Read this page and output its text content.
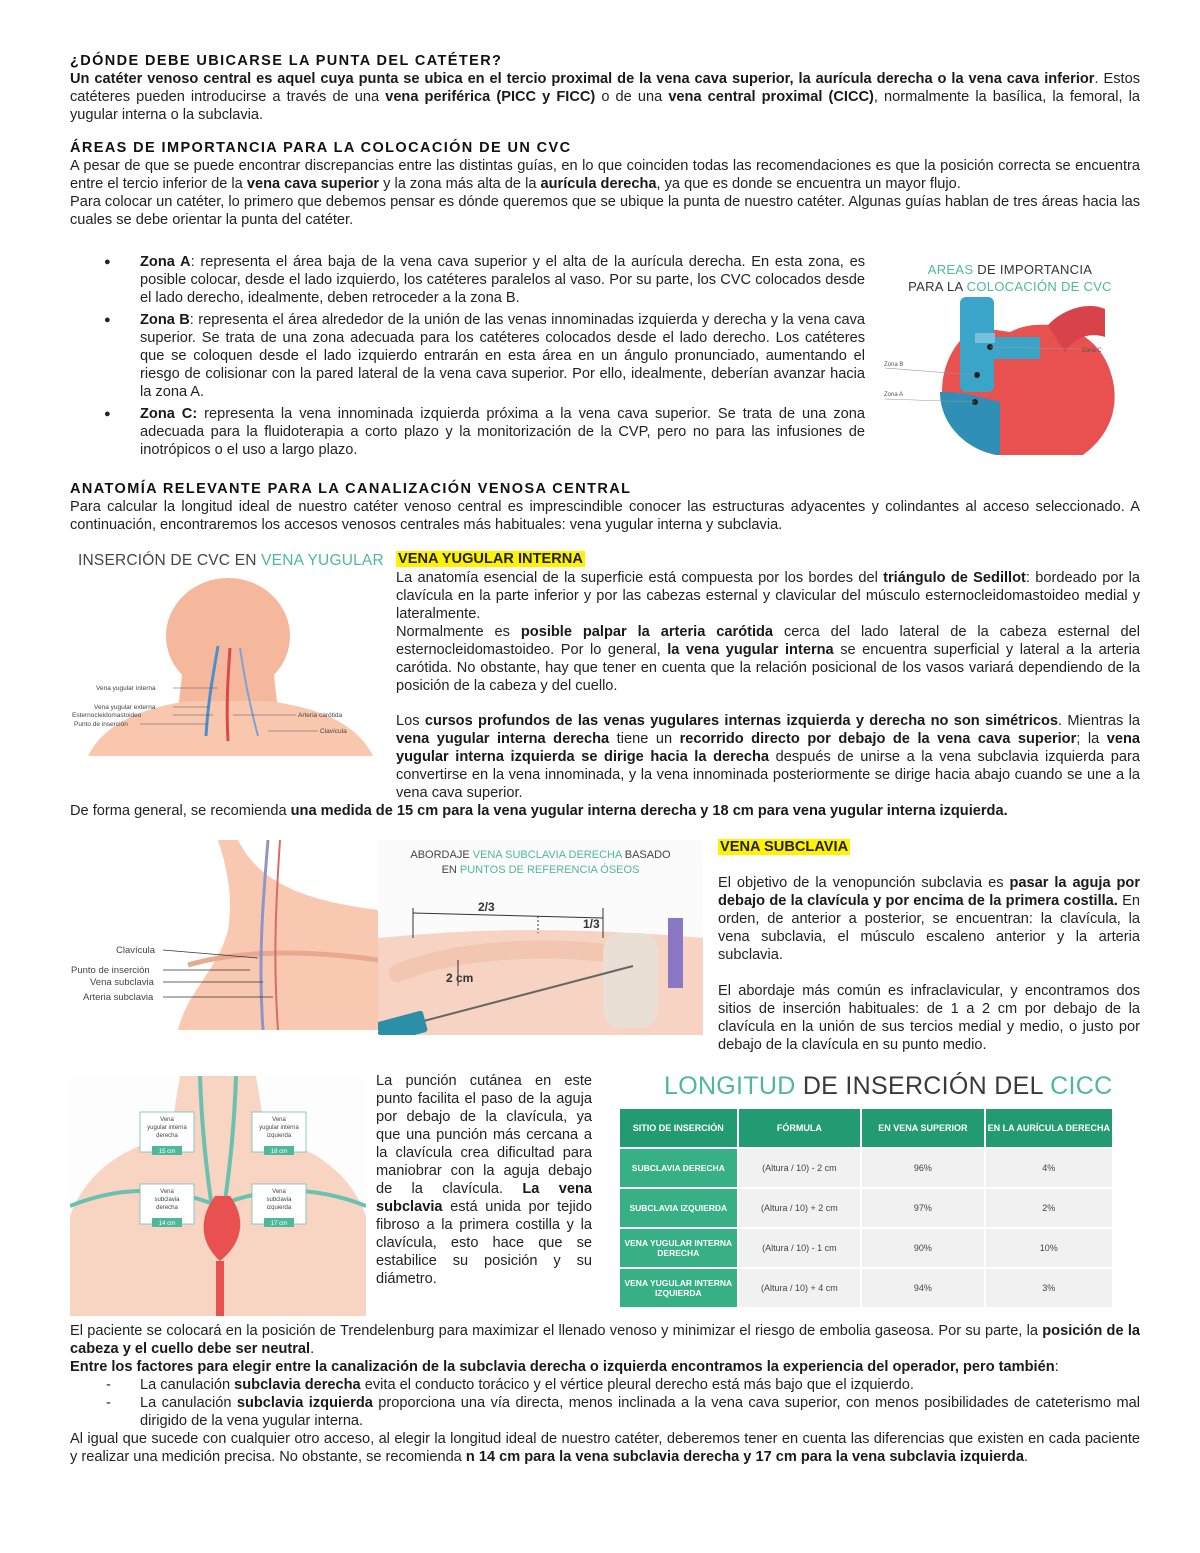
¿DÓNDE DEBE UBICARSE LA PUNTA DEL CATÉTER?

Un catéter venoso central es aquel cuya punta se ubica en el tercio proximal de la vena cava superior, la aurícula derecha o la vena cava inferior. Estos catéteres pueden introducirse a través de una vena periférica (PICC y FICC) o de una vena central proximal (CICC), normalmente la basílica, la femoral, la yugular interna o la subclavia.

ÁREAS DE IMPORTANCIA PARA LA COLOCACIÓN DE UN CVC

A pesar de que se puede encontrar discrepancias entre las distintas guías, en lo que coinciden todas las recomendaciones es que la posición correcta se encuentra entre el tercio inferior de la vena cava superior y la zona más alta de la aurícula derecha, ya que es donde se encuentra un mayor flujo.

Para colocar un catéter, lo primero que debemos pensar es dónde queremos que se ubique la punta de nuestro catéter. Algunas guías hablan de tres áreas hacia las cuales se debe orientar la punta del catéter.

● Zona A: representa el área baja de la vena cava superior y el alta de la aurícula derecha. En esta zona, es posible colocar, desde el lado izquierdo, los catéteres paralelos al vaso. Por su parte, los CVC colocados desde el lado derecho, idealmente, deben retroceder a la zona B.
● Zona B: representa el área alrededor de la unión de las venas innominadas izquierda y derecha y la vena cava superior. Se trata de una zona adecuada para los catéteres colocados desde el lado derecho. Los catéteres que se coloquen desde el lado izquierdo entrarán en esta área en un ángulo pronunciado, aumentando el riesgo de colisionar con la pared lateral de la vena cava superior. Por ello, idealmente, deberían avanzar hacia la zona A.
● Zona C: representa la vena innominada izquierda próxima a la vena cava superior. Se trata de una zona adecuada para la fluidoterapia a corto plazo y la monitorización de la CVP, pero no para las infusiones de inotrópicos o el uso a largo plazo.
AREAS DE IMPORTANCIA
PARA LA COLOCACIÓN DE CVC
Zona B
Zona A
Zona C
ANATOMÍA RELEVANTE PARA LA CANALIZACIÓN VENOSA CENTRAL

Para calcular la longitud ideal de nuestro catéter venoso central es imprescindible conocer las estructuras adyacentes y colindantes al acceso seleccionado. A continuación, encontraremos los accesos venosos centrales más habituales: vena yugular interna y subclavia.

INSERCIÓN DE CVC EN VENA YUGULAR
Vena yugular interna
Vena yugular externa
Esternocleidomastoideo
Punto de inserción
Arteria carótida
Clavícula

VENA YUGULAR INTERNA

La anatomía esencial de la superficie está compuesta por los bordes del triángulo de Sedillot: bordeado por la clavícula en la parte inferior y por las cabezas esternal y clavicular del músculo esternocleidomastoideo medial y lateralmente.

Normalmente es posible palpar la arteria carótida cerca del lado lateral de la cabeza esternal del esternocleidomastoideo. Por lo general, la vena yugular interna se encuentra superficial y lateral a la arteria carótida. No obstante, hay que tener en cuenta que la relación posicional de los vasos variará dependiendo de la posición de la cabeza y del cuello.

Los cursos profundos de las venas yugulares internas izquierda y derecha no son simétricos. Mientras la vena yugular interna derecha tiene un recorrido directo por debajo de la vena cava superior; la vena yugular interna izquierda se dirige hacia la derecha después de unirse a la vena subclavia izquierda para convertirse en la vena innominada, y la vena innominada posteriormente se dirige hacia abajo cuando se une a la vena cava superior.

De forma general, se recomienda una medida de 15 cm para la vena yugular interna derecha y 18 cm para vena yugular interna izquierda.

Clavícula
Punto de inserción
Vena subclavia
Arteria subclavia
ABORDAJE VENA SUBCLAVIA DERECHA BASADO
EN PUNTOS DE REFERENCIA ÓSEOS
2/3
1/3
2 cm

VENA SUBCLAVIA

El objetivo de la venopunción subclavia es pasar la aguja por debajo de la clavícula y por encima de la primera costilla. En orden, de anterior a posterior, se encuentran: la clavícula, la vena subclavia, el músculo escaleno anterior y la arteria subclavia.

El abordaje más común es infraclavicular, y encontramos dos sitios de inserción habituales: de 1 a 2 cm por debajo de la clavícula en la unión de sus tercios medial y medio, o justo por debajo de la clavícula en su punto medio.

Vena
yugular interna
derecha
15 cm
Vena
yugular interna
izquierda
18 cm
Vena
subclavia
derecha
14 cm
Vena
subclavia
izquierda
17 cm

La punción cutánea en este punto facilita el paso de la aguja por debajo de la clavícula, ya que una punción más cercana a la clavícula crea dificultad para maniobrar con la aguja debajo de la clavícula. La vena subclavia está unida por tejido fibroso a la primera costilla y la clavícula, esto hace que se estabilice su posición y su diámetro.

LONGITUD DE INSERCIÓN DEL CICC
SITIO DE INSERCIÓN	FÓRMULA	EN VENA SUPERIOR	EN LA AURÍCULA DERECHA
SUBCLAVIA DERECHA	(Altura / 10) - 2 cm	96%	4%
SUBCLAVIA IZQUIERDA	(Altura / 10) + 2 cm	97%	2%
VENA YUGULAR INTERNA DERECHA	(Altura / 10) - 1 cm	90%	10%
VENA YUGULAR INTERNA IZQUIERDA	(Altura / 10) + 4 cm	94%	3%

El paciente se colocará en la posición de Trendelenburg para maximizar el llenado venoso y minimizar el riesgo de embolia gaseosa. Por su parte, la posición de la cabeza y el cuello debe ser neutral.

Entre los factores para elegir entre la canalización de la subclavia derecha o izquierda encontramos la experiencia del operador, pero también:

- La canulación subclavia derecha evita el conducto torácico y el vértice pleural derecho está más bajo que el izquierdo.
- La canulación subclavia izquierda proporciona una vía directa, menos inclinada a la vena cava superior, con menos posibilidades de cateterismo mal dirigido de la vena yugular interna.

Al igual que sucede con cualquier otro acceso, al elegir la longitud ideal de nuestro catéter, deberemos tener en cuenta las diferencias que existen en cada paciente y realizar una medición precisa. No obstante, se recomienda n 14 cm para la vena subclavia derecha y 17 cm para la vena subclavia izquierda.
